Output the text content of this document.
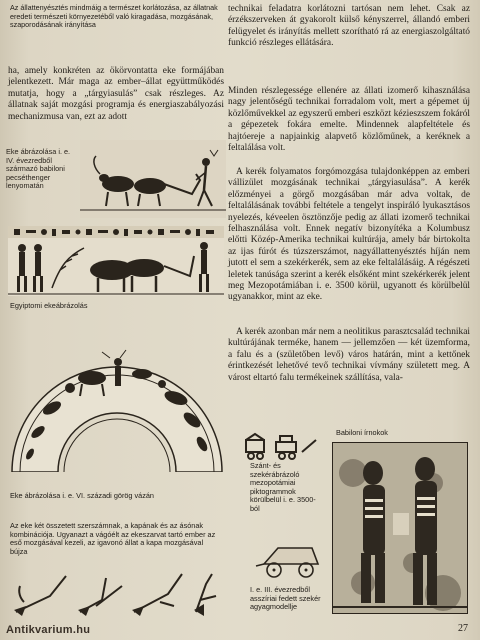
Az állattenyésztés mindmáig a természet korlátozása, az állatnak eredeti természeti környezetéből való kiragadása, mozgásának, szaporodásának irányítása

ha, amely konkréten az ökörvontatta eke formájában jelentkezett. Már maga az ember–állat együttműködés mutatja, hogy a „tárgyiasulás” csak részleges. Az állatnak saját mozgási programja és energiaszabályozási mechanizmusa van, ezt az adott

Eke ábrázolása i. e. IV. évezredből származó babiloni pecséthenger lenyomatán
Egyiptomi ekeábrázolás
Eke ábrázolása i. e. VI. századi görög vázán
Az eke két összetett szerszámnak, a kapának és az ásónak kombinációja. Ugyanazt a vágóélt az ekeszarvat tartó ember az eső mozgásával kezeli, az igavonó állat a kapa mozgásával bújza

technikai feladatra korlátozni tartósan nem lehet. Csak az érzékszerveken át gyakorolt külső kényszerrel, állandó emberi felügyelet és irányítás mellett szorítható rá az energiaszolgáltató funkció részleges ellátására.

Minden részlegessége ellenére az állati izomerő kihasználása nagy jelentőségű technikai forradalom volt, mert a gépemet új közlőművekkel az egyszerű emberi eszközt kézieszszem fokáról a gépezetek fokára emelte. Mindennek alapfeltétele és hajtóereje a napjainkig alapvető közlőműnek, a keréknek a feltalálása volt.

A kerék folyamatos forgómozgása tulajdonképpen az emberi vállizület mozgásának technikai „tárgyiasulása”. A kerék előzményei a görgő mozgásában már adva voltak, de feltalálásának további feltétele a tengelyt inspiráló lyukasztásos nyelezés, kéveelen ösztönzője pedig az állati izomerő technikai felhasználása volt. Ennek negatív bizonyítéka a Kolumbusz előtti Közép-Amerika technikai kultúrája, amely bár birtokolta az ijas fúrót és túzszerszámot, nagyállattenyésztés híján nem jutott el sem a szekérkerék, sem az eke feltalálásáig. A régészeti leletek tanúsága szerint a kerék elsőként mint szekérkerék jelent meg Mezopotámiában i. e. 3500 körül, ugyanott és körülbelül ugyanakkor, mint az eke.

A kerék azonban már nem a neolitikus parasztcsalád technikai kultúrájának terméke, hanem — jellemzően — két üzemforma, a falu és a (születőben levő) város határán, mint a kettőnek érintkezését lehetővé tevő technikai vívmány született meg. A várost eltartó falu termékeinek szállítása, vala-

Szánt- és szekérábrázoló mezopotámiai piktogrammok körülbelül i. e. 3500-ból
I. e. III. évezredből asszíriai fedett szekér agyagmodellje
Babiloni írnokok
Antikvarium.hu	27
